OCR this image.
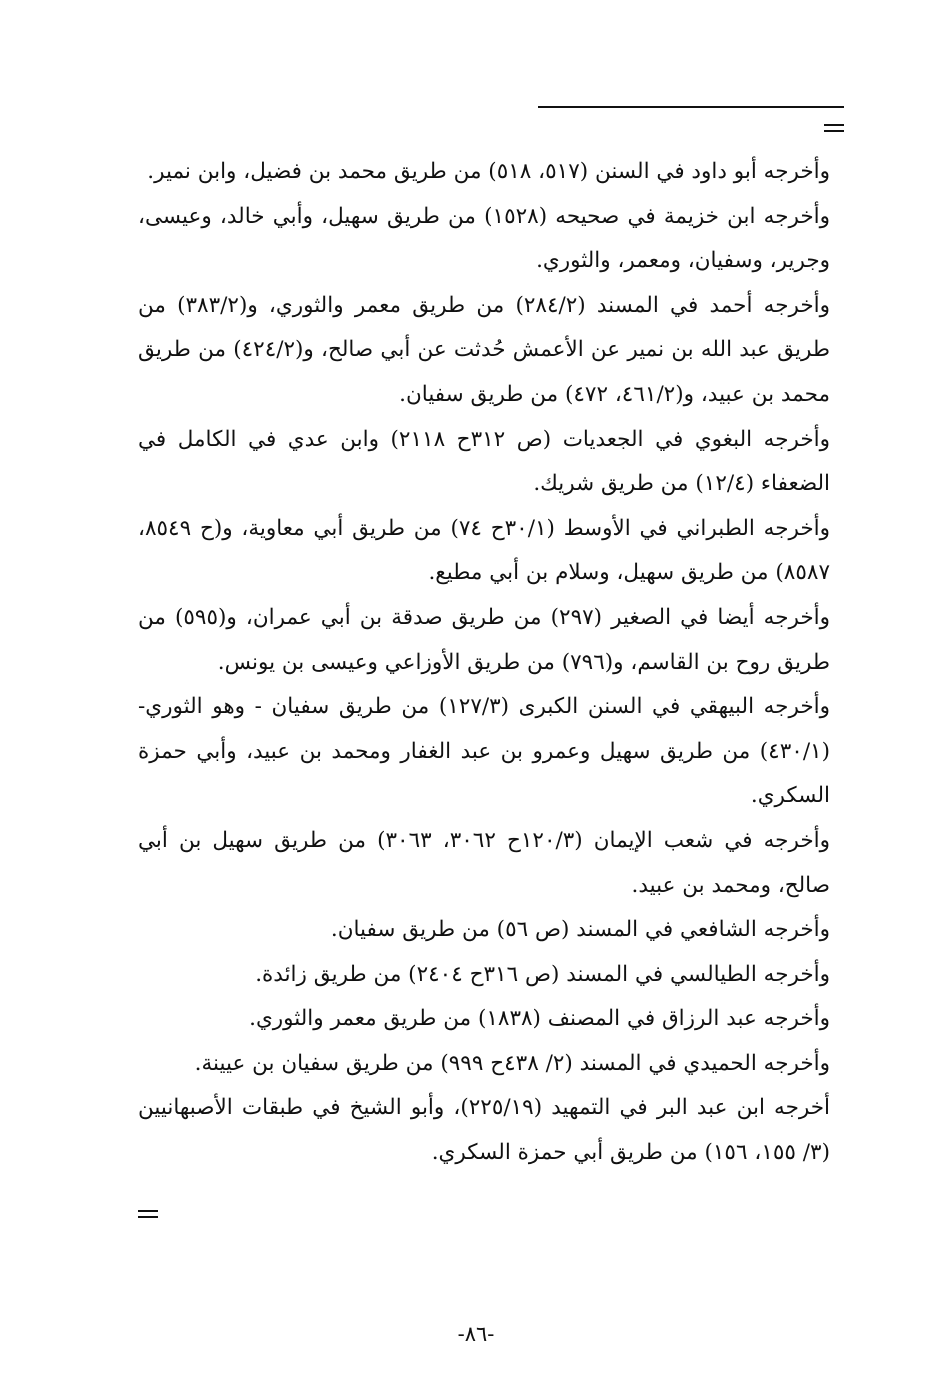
وأخرجه أبو داود في السنن (٥١٧، ٥١٨) من طريق محمد بن فضيل، وابن نمير.

وأخرجه ابن خزيمة في صحيحه (١٥٢٨) من طريق سهيل، وأبي خالد، وعيسى، وجرير، وسفيان، ومعمر، والثوري.

وأخرجه أحمد في المسند (٢٨٤/٢) من طريق معمر والثوري، و(٣٨٣/٢) من طريق عبد الله بن نمير عن الأعمش حُدثت عن أبي صالح، و(٤٢٤/٢) من طريق محمد بن عبيد، و(٤٦١/٢، ٤٧٢) من طريق سفيان.

وأخرجه البغوي في الجعديات (ص ٣١٢ح ٢١١٨) وابن عدي في الكامل في الضعفاء (١٢/٤) من طريق شريك.

وأخرجه الطبراني في الأوسط (٣٠/١ح ٧٤) من طريق أبي معاوية، و(ح ٨٥٤٩، ٨٥٨٧) من طريق سهيل، وسلام بن أبي مطيع.

وأخرجه أيضا في الصغير (٢٩٧) من طريق صدقة بن أبي عمران، و(٥٩٥) من طريق روح بن القاسم، و(٧٩٦) من طريق الأوزاعي وعيسى بن يونس.

وأخرجه البيهقي في السنن الكبرى (١٢٧/٣) من طريق سفيان - وهو الثوري- (٤٣٠/١) من طريق سهيل وعمرو بن عبد الغفار ومحمد بن عبيد، وأبي حمزة السكري.

وأخرجه في شعب الإيمان (١٢٠/٣ح ٣٠٦٢، ٣٠٦٣) من طريق سهيل بن أبي صالح، ومحمد بن عبيد.

وأخرجه الشافعي في المسند (ص ٥٦) من طريق سفيان.

وأخرجه الطيالسي في المسند (ص ٣١٦ح ٢٤٠٤) من طريق زائدة.

وأخرجه عبد الرزاق في المصنف (١٨٣٨) من طريق معمر والثوري.

وأخرجه الحميدي في المسند (٢/ ٤٣٨ح ٩٩٩) من طريق سفيان بن عيينة.

أخرجه ابن عبد البر في التمهيد (٢٢٥/١٩)، وأبو الشيخ في طبقات الأصبهانيين (٣/ ١٥٥، ١٥٦) من طريق أبي حمزة السكري.

-٨٦-
